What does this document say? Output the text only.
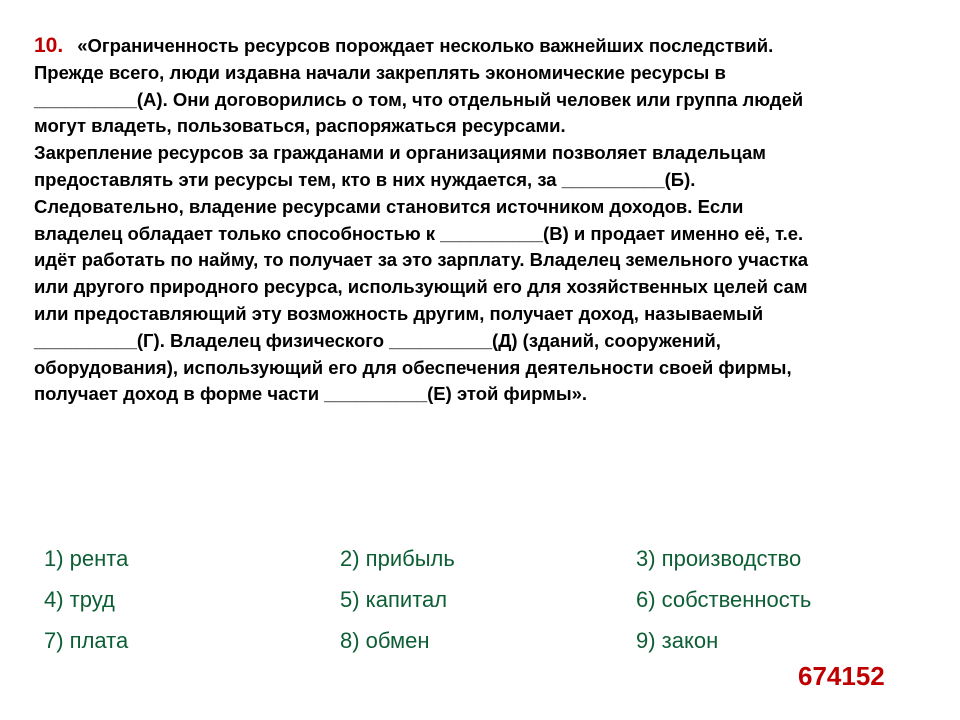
10. «Ограниченность ресурсов порождает несколько важнейших последствий.
Прежде всего, люди издавна начали закреплять экономические ресурсы в
__________(А). Они договорились о том, что отдельный человек или группа людей
могут владеть, пользоваться, распоряжаться ресурсами.
Закрепление ресурсов за гражданами и организациями позволяет владельцам
предоставлять эти ресурсы тем, кто в них нуждается, за __________(Б).
Следовательно, владение ресурсами становится источником доходов. Если
владелец обладает только способностью к __________(В) и продает именно её, т.е.
идёт работать по найму, то получает за это зарплату. Владелец земельного участка
или другого природного ресурса, использующий его для хозяйственных целей сам
или предоставляющий эту возможность другим, получает доход, называемый
__________(Г). Владелец физического __________(Д) (зданий, сооружений,
оборудования), использующий его для обеспечения деятельности своей фирмы,
получает доход в форме части __________(Е) этой фирмы».
1) рента	2) прибыль	3) производство
4) труд	5) капитал	6) собственность
7) плата	8) обмен	9) закон
674152
